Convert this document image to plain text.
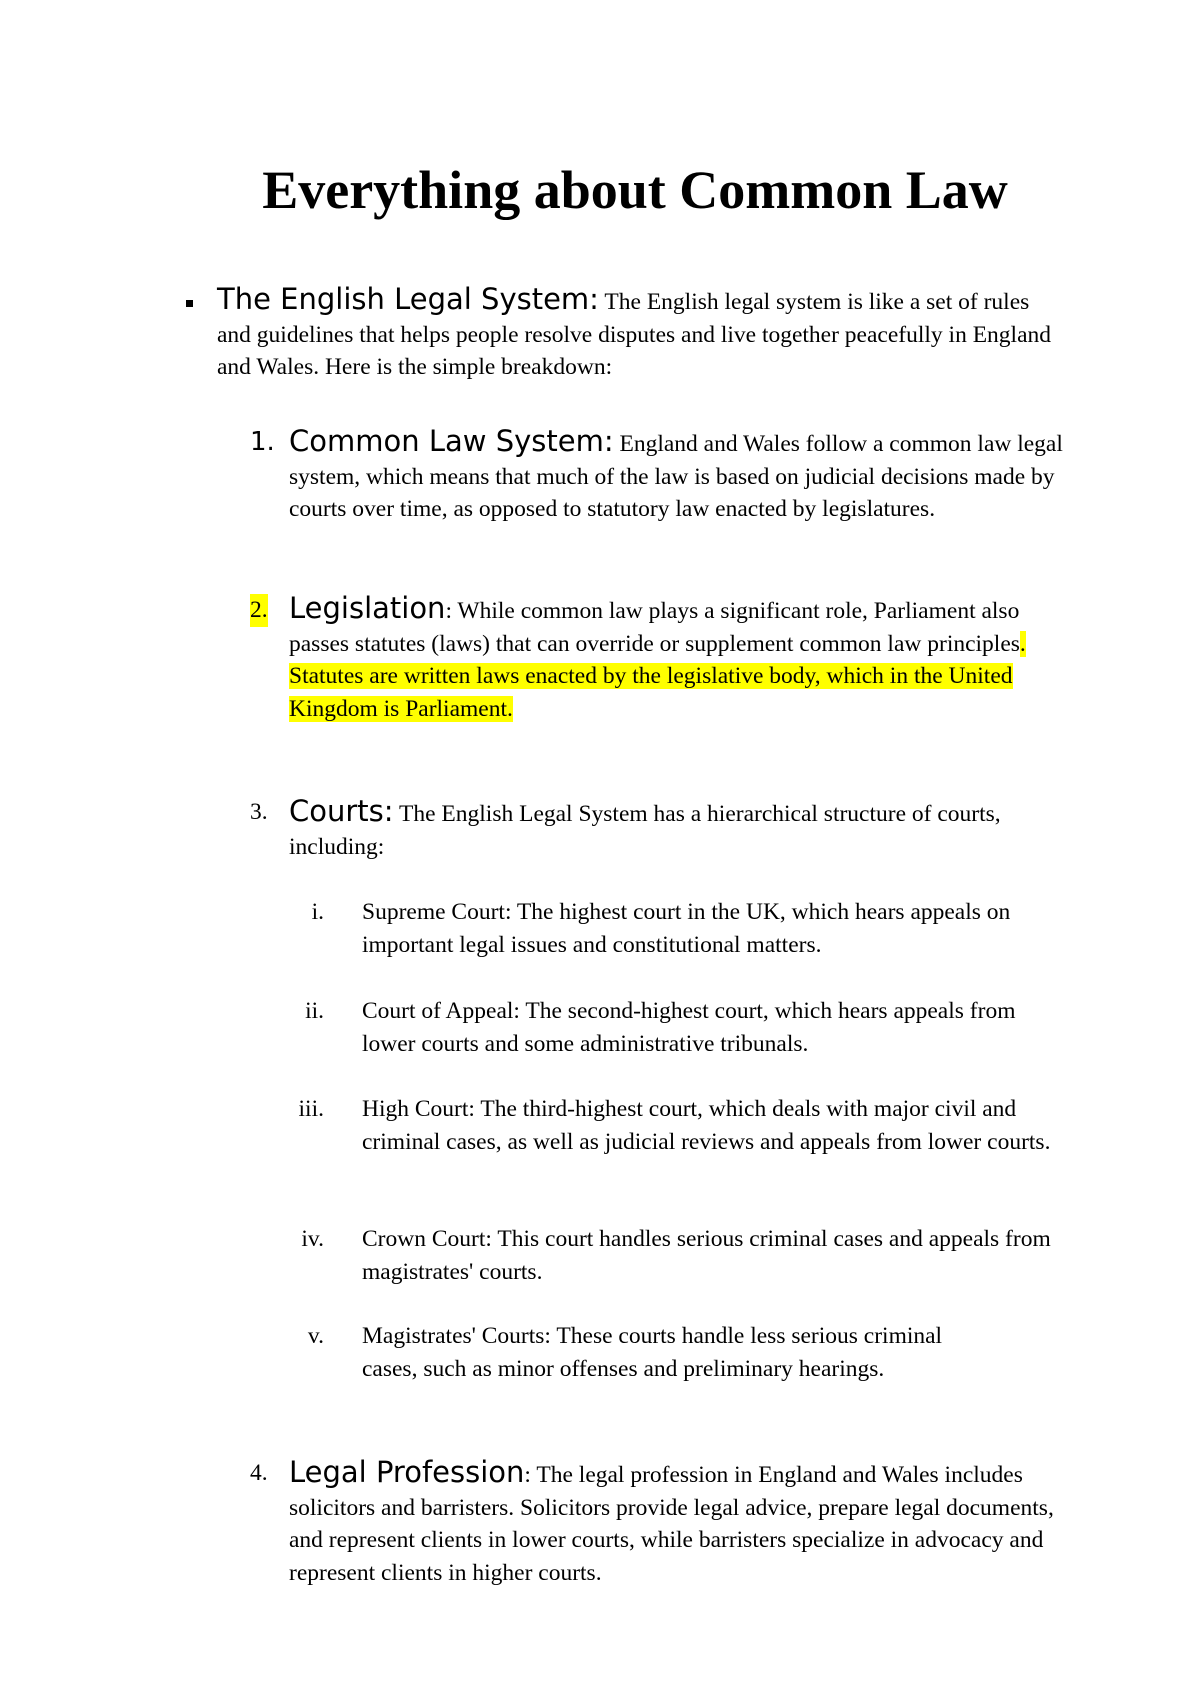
Everything about Common Law

The English Legal System: The English legal system is like a set of rules and guidelines that helps people resolve disputes and live together peacefully in England and Wales. Here is the simple breakdown:

1. Common Law System: England and Wales follow a common law legal system, which means that much of the law is based on judicial decisions made by courts over time, as opposed to statutory law enacted by legislatures.

2. Legislation: While common law plays a significant role, Parliament also passes statutes (laws) that can override or supplement common law principles. Statutes are written laws enacted by the legislative body, which in the United Kingdom is Parliament.

3. Courts: The English Legal System has a hierarchical structure of courts, including:

i. Supreme Court: The highest court in the UK, which hears appeals on important legal issues and constitutional matters.

ii. Court of Appeal: The second-highest court, which hears appeals from lower courts and some administrative tribunals.

iii. High Court: The third-highest court, which deals with major civil and criminal cases, as well as judicial reviews and appeals from lower courts.

iv. Crown Court: This court handles serious criminal cases and appeals from magistrates' courts.

v. Magistrates' Courts: These courts handle less serious criminal cases, such as minor offenses and preliminary hearings.

4. Legal Profession: The legal profession in England and Wales includes solicitors and barristers. Solicitors provide legal advice, prepare legal documents, and represent clients in lower courts, while barristers specialize in advocacy and represent clients in higher courts.
